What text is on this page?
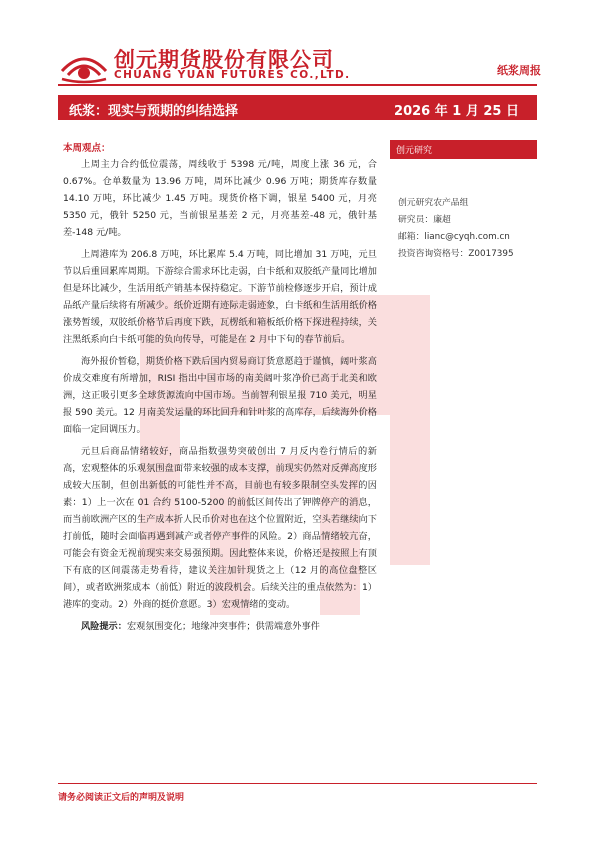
创元期货股份有限公司
CHUANG YUAN FUTURES CO.,LTD.	纸浆周报
纸浆：现实与预期的纠结选择	2026 年 1 月 25 日
本周观点：

上周主力合约低位震荡，周线收于 5398 元/吨，周度上涨 36 元，合 0.67%。仓单数量为 13.96 万吨，周环比减少 0.96 万吨；期货库存数量 14.10 万吨，环比减少 1.45 万吨。现货价格下调，银星 5400 元，月亮 5350 元，俄针 5250 元，当前银星基差 2 元，月亮基差-48 元，俄针基差-148 元/吨。

上周港库为 206.8 万吨，环比累库 5.4 万吨，同比增加 31 万吨，元旦节以后重回累库周期。下游综合需求环比走弱，白卡纸和双胶纸产量同比增加但是环比减少，生活用纸产销基本保持稳定。下游节前检修逐步开启，预计成品纸产量后续将有所减少。纸价近期有迹际走弱迹象，白卡纸和生活用纸价格涨势暂缓，双胶纸价格节后再度下跌，瓦楞纸和箱板纸价格下探进程持续，关注黑纸系向白卡纸可能的负向传导，可能是在 2 月中下旬的春节前后。

海外报价暂稳，期货价格下跌后国内贸易商订货意愿趋于谨慎，阔叶浆高价成交难度有所增加，RISI 指出中国市场的南美阔叶浆净价已高于北美和欧洲，这正吸引更多全球货源流向中国市场。当前智利银星报 710 美元，明星报 590 美元。12 月南美发运量的环比回升和针叶浆的高库存，后续海外价格面临一定回调压力。

元旦后商品情绪较好，商品指数强势突破创出 7 月反内卷行情后的新高，宏观整体的乐观氛围盘面带来较强的成本支撑，前现实仍然对反弹高度形成较大压制，但创出新低的可能性并不高，目前也有较多限制空头发挥的因素：1）上一次在 01 合约 5100-5200 的前低区间传出了钾牌停产的消息，而当前欧洲产区的生产成本折人民币价对也在这个位置附近，空头若继续向下打前低，随时会面临再遇到减产或者停产事件的风险。2）商品情绪较亢奋，可能会有资金无视前现实来交易强预期。因此整体来说，价格还是按照上有顶下有底的区间震荡走势看待，建议关注加针现货之上（12 月的高位盘整区间），或者欧洲浆成本（前低）附近的波段机会。后续关注的重点依然为：1）港库的变动。2）外商的挺价意愿。3）宏观情绪的变动。

风险提示：宏观氛围变化；地缘冲突事件；供需端意外事件
创元研究
创元研究农产品组
研究员：廉超
邮箱：lianc@cyqh.com.cn
投资咨询资格号：Z0017395
请务必阅读正文后的声明及说明
